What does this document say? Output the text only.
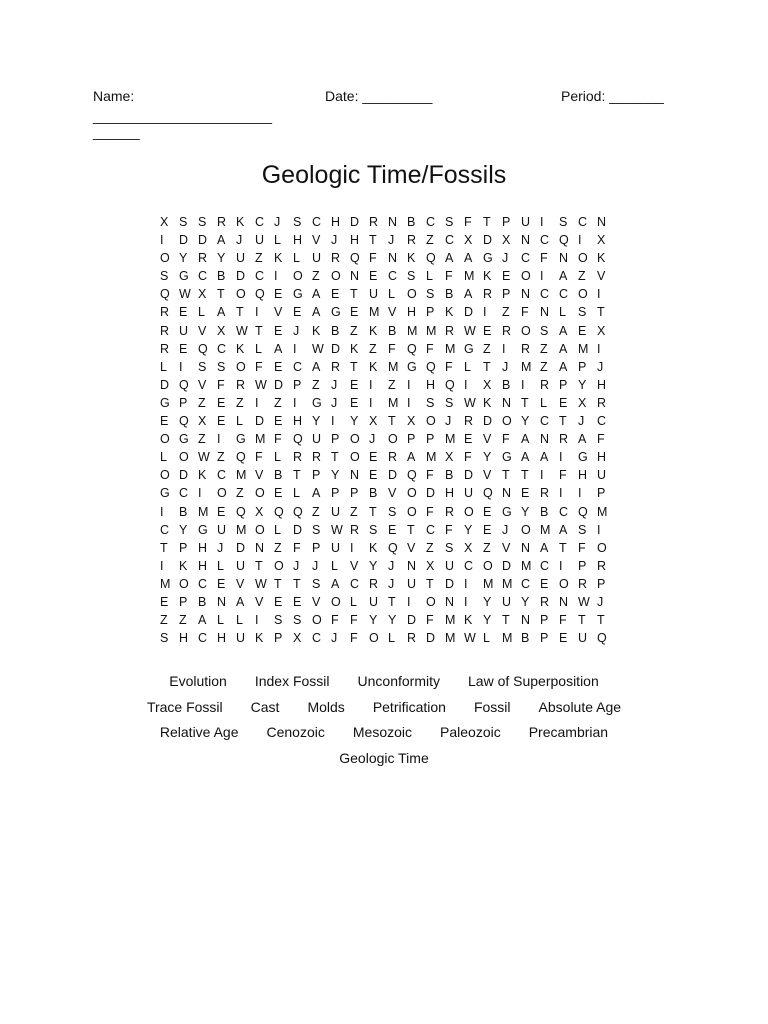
Name:
_______________________
______
Date: _________	Period: _______
Geologic Time/Fossils
X S S R K C J	S C H D R N B C S F T P U I	S C N
I	D D A J	U L H V J	H T J	R Z C X D X N C Q I	X
O Y R Y U Z K L U R Q F N K Q A A G J	C F N O K
S G C B D C I	O Z O N E C S L F M K E O I	A Z V
Q W X T O Q E G A E T U L O S B A R P N C C O I
R E L A T I	V E A G E M V H P K D I	Z F N L S T
R U V X W T E J	K B Z K B M M R W E R O S A E X
R E Q C K L A I	W D K Z F Q F M G Z I	R Z A M I
L I	S S O F E C A R T K M G Q F L T J	M Z A P J
D Q V F R W D P Z J	E I	Z I	H Q I	X B I	R P Y H
G P Z E Z I	Z I	G J	E I	M I	S S W K N T L E X R
E Q X E L D E H Y I	Y X T X O J	R D O Y C T J	C
O G Z I	G M F Q U P O J	O P P M E V F A N R A F
L O W Z Q F L R R T O E R A M X F Y G A A I	G H
O D K C M V B T P Y N E D Q F B D V T T I	F H U
G C I	O Z O E L A P P B V O D H U Q N E R I	I	P
I	B M E Q X Q Q Z U Z T S O F R O E G Y B C Q M
C Y G U M O L D S W R S E T C F Y E J	O M A S I
T P H J	D N Z F P U I	K Q V Z S X Z V N A T F O
I	K H L U T O J	J	L V Y J	N X U C O D M C I	P R
M O C E V W T T S A C R J	U T D I	M M C E O R P
E P B N A V E E V O L U T I	O N I	Y U Y R N W J
Z Z A L L I	S S O F F Y Y D F M K Y T N P F T T
S H C H U K P X C J	F O L R D M W L M B P E U Q
Evolution	Index Fossil	Unconformity	Law of Superposition
Trace Fossil	Cast	Molds	Petrification	Fossil	Absolute Age
Relative Age	Cenozoic	Mesozoic	Paleozoic	Precambrian
Geologic Time
